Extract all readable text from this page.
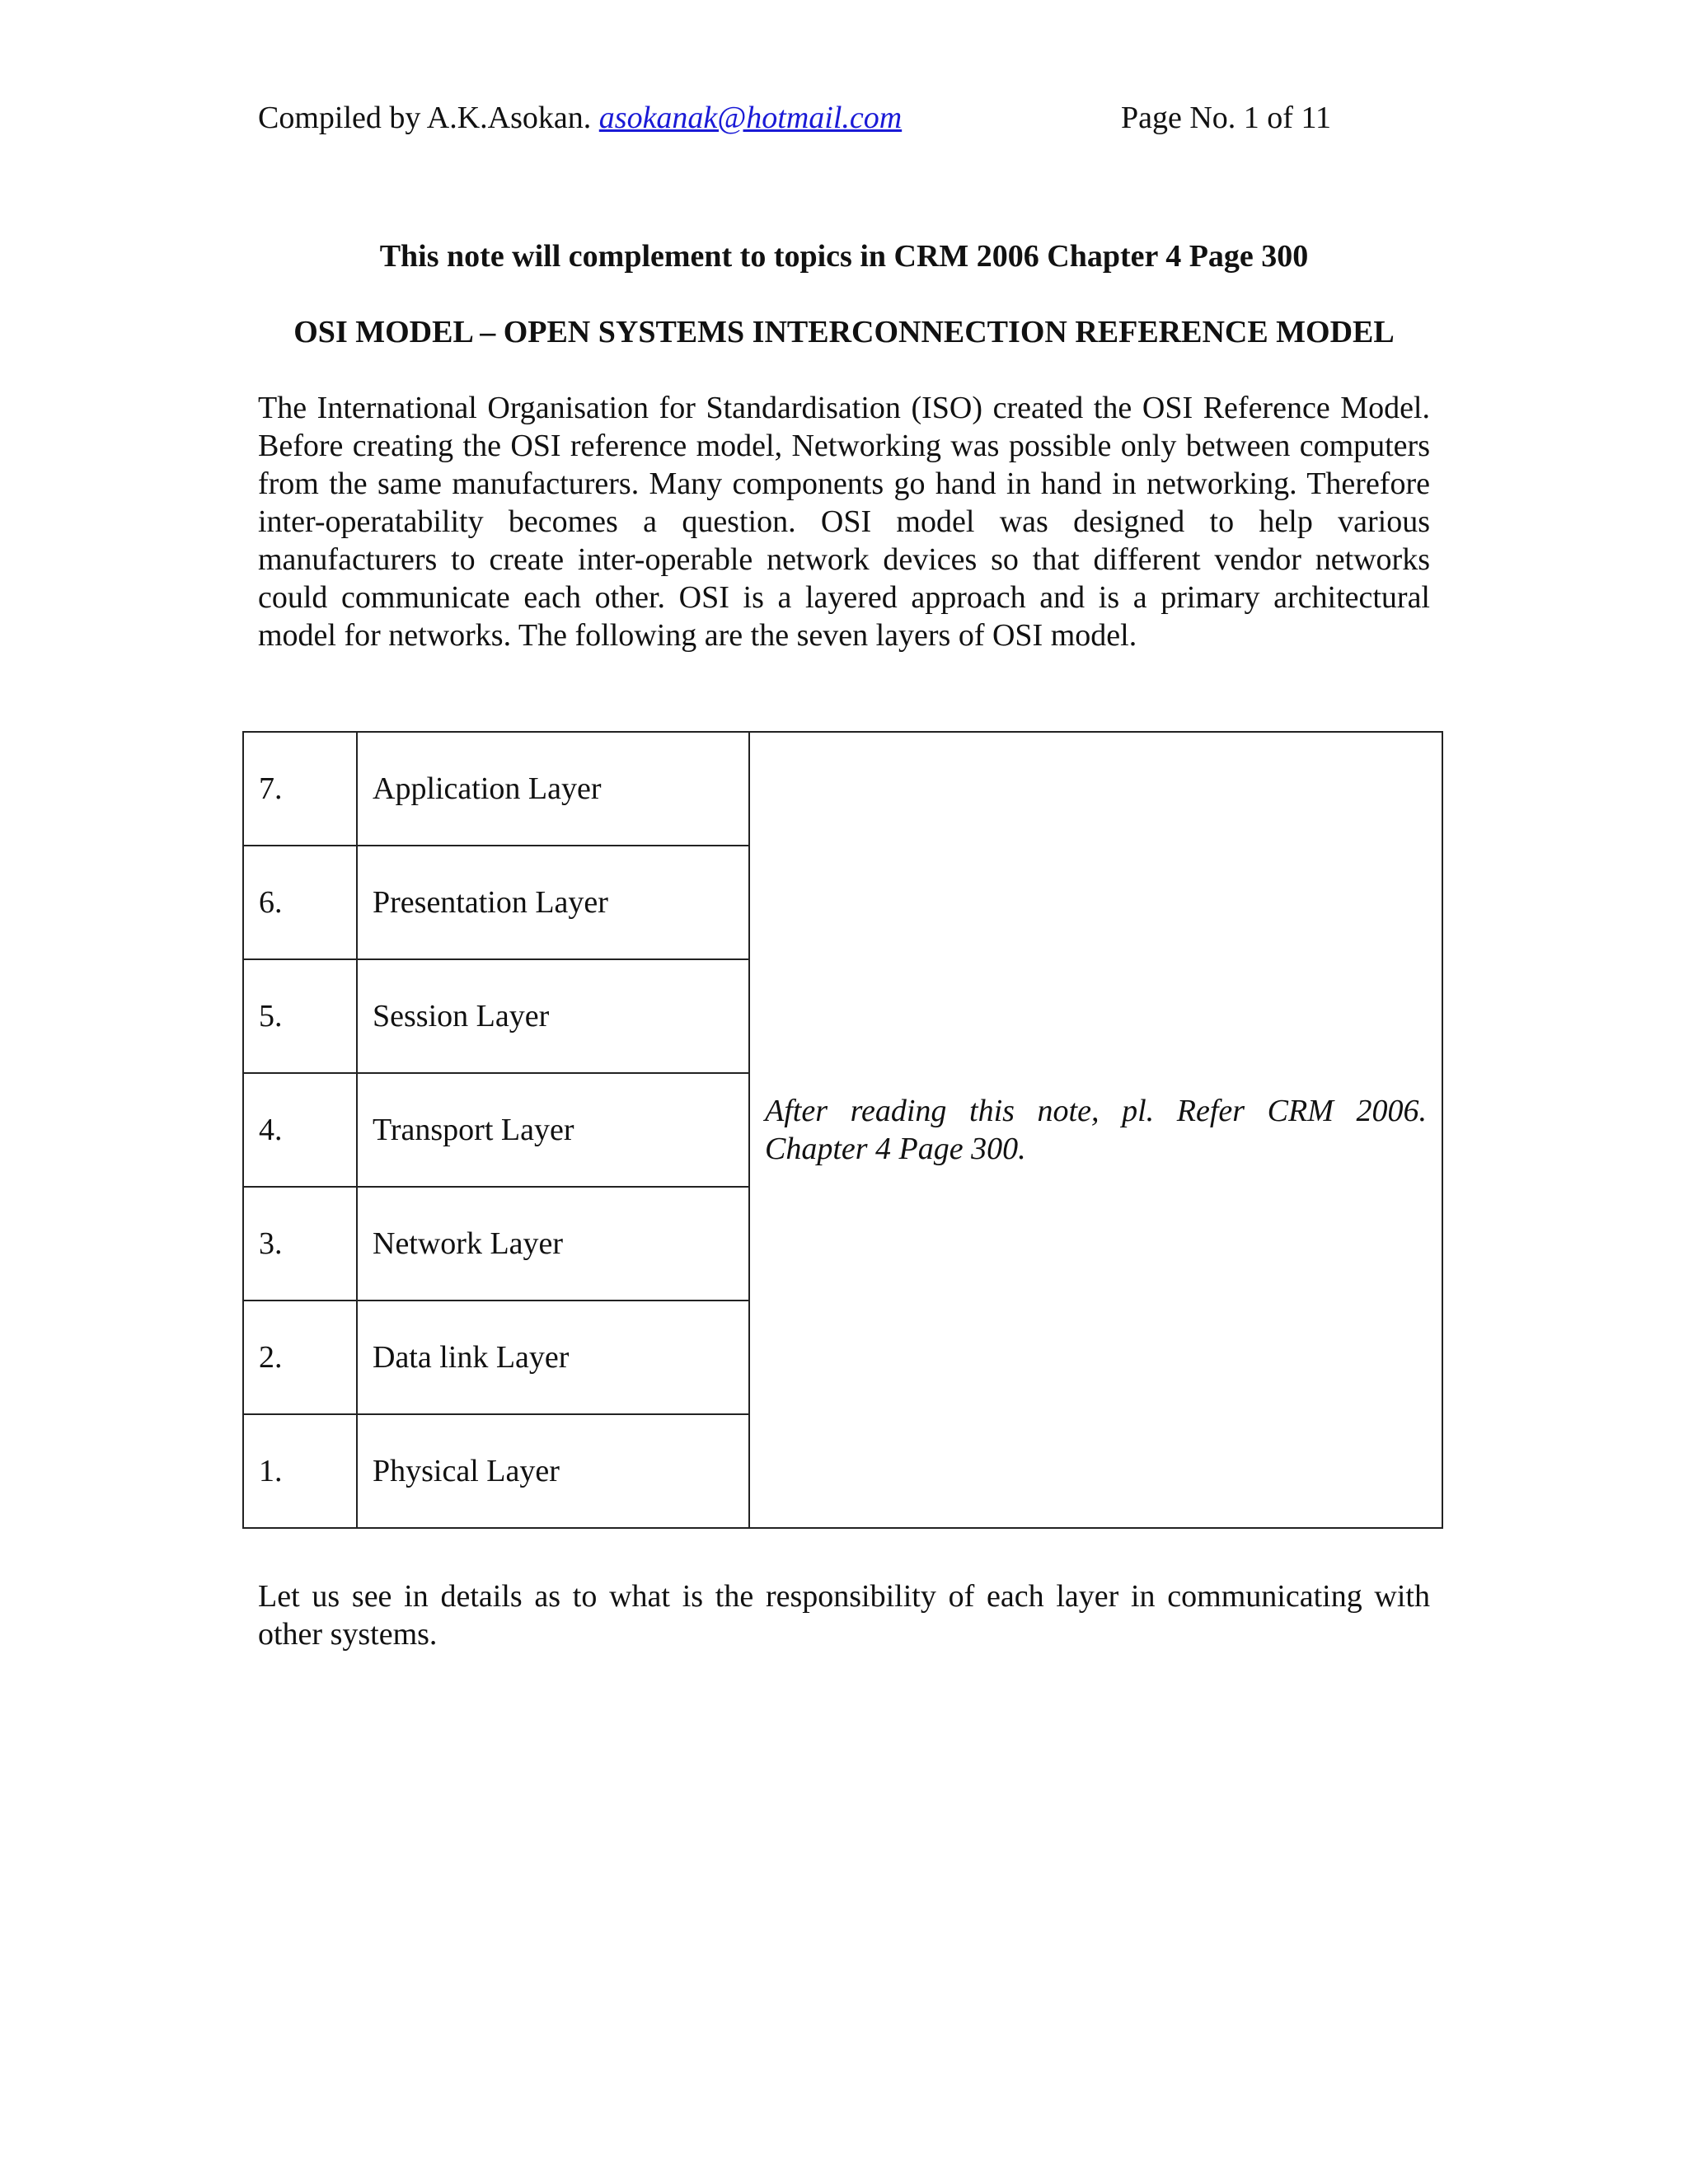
Compiled by A.K.Asokan. asokanak@hotmail.com	Page No. 1 of 11

This note will complement to topics in CRM 2006 Chapter 4 Page 300

OSI MODEL – OPEN SYSTEMS INTERCONNECTION REFERENCE MODEL

The International Organisation for Standardisation (ISO) created the OSI Reference Model. Before creating the OSI reference model, Networking was possible only between computers from the same manufacturers. Many components go hand in hand in networking. Therefore inter-operatability becomes a question. OSI model was designed to help various manufacturers to create inter-operable network devices so that different vendor networks could communicate each other. OSI is a layered approach and is a primary architectural model for networks. The following are the seven layers of OSI model.

7.	Application Layer	After reading this note, pl. Refer CRM 2006. Chapter 4 Page 300.
6.	Presentation Layer	
5.	Session Layer	
4.	Transport Layer	
3.	Network Layer	
2.	Data link Layer	
1.	Physical Layer	

Let us see in details as to what is the responsibility of each layer in communicating with other systems.
